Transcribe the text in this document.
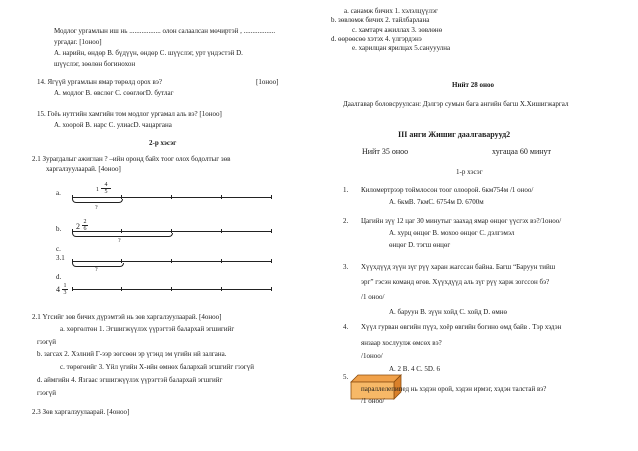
Модлог ургамлын иш нь .................. олон салаалсан мөчиртэй , ..................
ургадаг. [1оноо]
А. нарийн, өндөр В. бүдүүн, өндөр С. шүүслэг, урт үндэстэй D.
шүүслэг, зөөлөн богинохон
14. Ягүүй ургамлын ямар төрөлд орох вэ?	[1оноо]
А. модлог В. өвслөг С. сөөглөгD. бутлаг
15. Гоёь нутгийн хамгийн том модлог ургамал аль вэ? [1оноо]
А. хоорой В. нарс С. улиасD. чацаргана
2-р хэсэг
2.1 Зурагдалыг ажиглан ? –ийн оронд байх тоог олох бодолтыг зөв
харгалзуулаарай. [4оноо]
а.
4
5
1
?
b. 2 2
6
?
c.
3.1
?
d.
4 1
3
2.1 Үгсийг зөв бичих дүрэмтэй нь зөв харгалзуулаарай. [4оноо]
а. хөргөлтөн 1. Эгшигжүүлэх үүрэгтэй балархай эгшигийг
гээгүй
b. загсах 2. Хэлний Г-ээр зөгсөөн эр үгэнд эм үгийн нй залгана.
с. төрөгөийг 3. Үйл үгийн Х-ийн өмнөх балархай эгшгийг гээгүй
d. аймгийн 4. Язгаас эгшигжүүлэх үүрэгтэй балархай эгшгийг
гээгүй
2.3 Зөв харгалзуулаарай. [4оноо]
а. санамж бичих 1. хэлэлцүүлэг
b. зөвлөмж бичих 2. тайлбарлана
с. хамтарч ажиллах 3. зөвлөнө
d. өөрөөсөө хэтэх 4. үлгэрдэнэ
е. харилцан ярилцах 5.санууулна
Нийт 28 оноо
Даалгавар боловсруулсан: Дэлгэр сумын бага ангийн багш Х.Хишигжаргал
III анги Жишиг даалгаварууд2
Нийт 35 оноо	хугацаа 60 минут
1-р хэсэг
1. Киломертрээр тоймлосон тоог олоорой. 6км754м /1 оноо/
А. 6кмВ. 7кмС. 6754м D. 6700м
2. Цагийн зүү 12 цаг 30 минутыг заахад ямар өнцөг үүсгэх вэ?/1оноо/
А. хурц өнцөг В. мохоо өнцөг С. дэлгэмэл
өнцөг D. тэгш өнцөг
3. Хүүхдүүд зүүн зүг рүү харан жагссан байна. Багш “Баруун тийш
эрг” гэсэн команд өгөв. Хүүхдүүд аль зүг рүү харж зогссон бэ?
/1 оноо/
А. баруун В. зүүн хойд С. хойд D. өмнө
4. Хүүл гурван өвгийн пүүз, хоёр өвгийн богино өмд байв . Тэр хэдэн
янзаар хослуулж өмсөх вэ?
/1оноо/
А. 2 В. 4 С. 5D. 6
5.
параллелепипед нь хэдэн орой, хэдэн ирмэг, хэдэн талстай вэ?
/1 оноо/
